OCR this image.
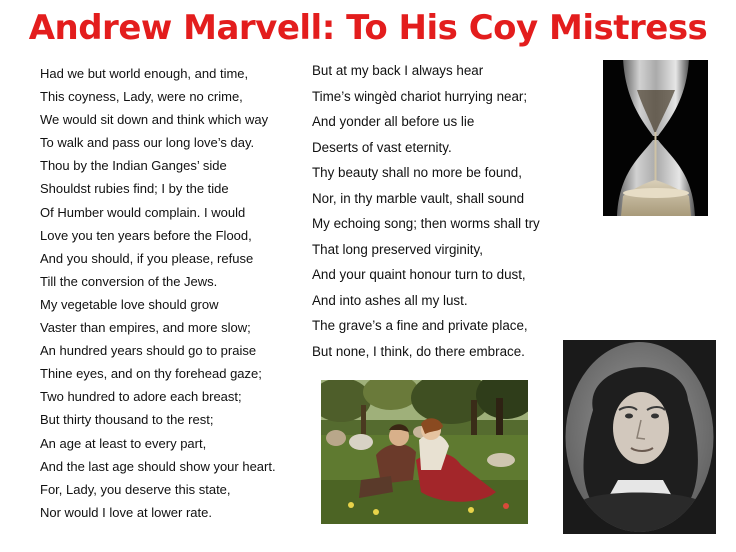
Andrew Marvell: To His Coy Mistress
Had we but world enough, and time,
This coyness, Lady, were no crime,
We would sit down and think which way
To walk and pass our long love’s day.
Thou by the Indian Ganges’ side
Shouldst rubies find; I by the tide
Of Humber would complain. I would
Love you ten years before the Flood,
And you should, if you please, refuse
Till the conversion of the Jews.
My vegetable love should grow
Vaster than empires, and more slow;
An hundred years should go to praise
Thine eyes, and on thy forehead gaze;
Two hundred to adore each breast;
But thirty thousand to the rest;
An age at least to every part,
And the last age should show your heart.
For, Lady, you deserve this state,
Nor would I love at lower rate.
But at my back I always hear
Time’s wingèd chariot hurrying near;
And yonder all before us lie
Deserts of vast eternity.
Thy beauty shall no more be found,
Nor, in thy marble vault, shall sound
My echoing song; then worms shall try
That long preserved virginity,
And your quaint honour turn to dust,
And into ashes all my lust.
The grave’s a fine and private place,
But none, I think, do there embrace.
